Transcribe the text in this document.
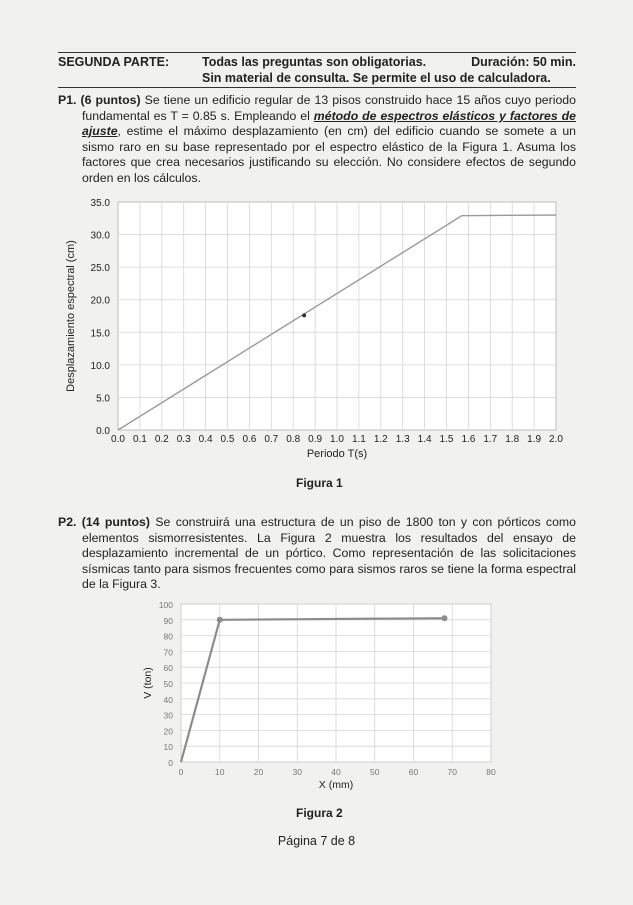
SEGUNDA PARTE:	Todas las preguntas son obligatorias.	Duración: 50 min.
Sin material de consulta. Se permite el uso de calculadora.
P1. (6 puntos) Se tiene un edificio regular de 13 pisos construido hace 15 años cuyo periodo fundamental es T = 0.85 s. Empleando el método de espectros elásticos y factores de ajuste, estime el máximo desplazamiento (en cm) del edificio cuando se somete a un sismo raro en su base representado por el espectro elástico de la Figura 1. Asuma los factores que crea necesarios justificando su elección. No considere efectos de segundo orden en los cálculos.
0.0 0.1 0.2 0.3 0.4 0.5 0.6 0.7 0.8 0.9 1.0 1.1 1.2 1.3 1.4 1.5 1.6 1.7 1.8 1.9 2.0
0.0
5.0
10.0
15.0
20.0
25.0
30.0
35.0
Periodo T(s)
Desplazamiento espectral (cm)
Figura 1
P2. (14 puntos) Se construirá una estructura de un piso de 1800 ton y con pórticos como elementos sismorresistentes. La Figura 2 muestra los resultados del ensayo de desplazamiento incremental de un pórtico. Como representación de las solicitaciones sísmicas tanto para sismos frecuentes como para sismos raros se tiene la forma espectral de la Figura 3.
0	10	20	30	40	50	60	70	80
0
10
20
30
40
50
60
70
80
90
100
X (mm)
V (ton)
Figura 2
Página 7 de 8
